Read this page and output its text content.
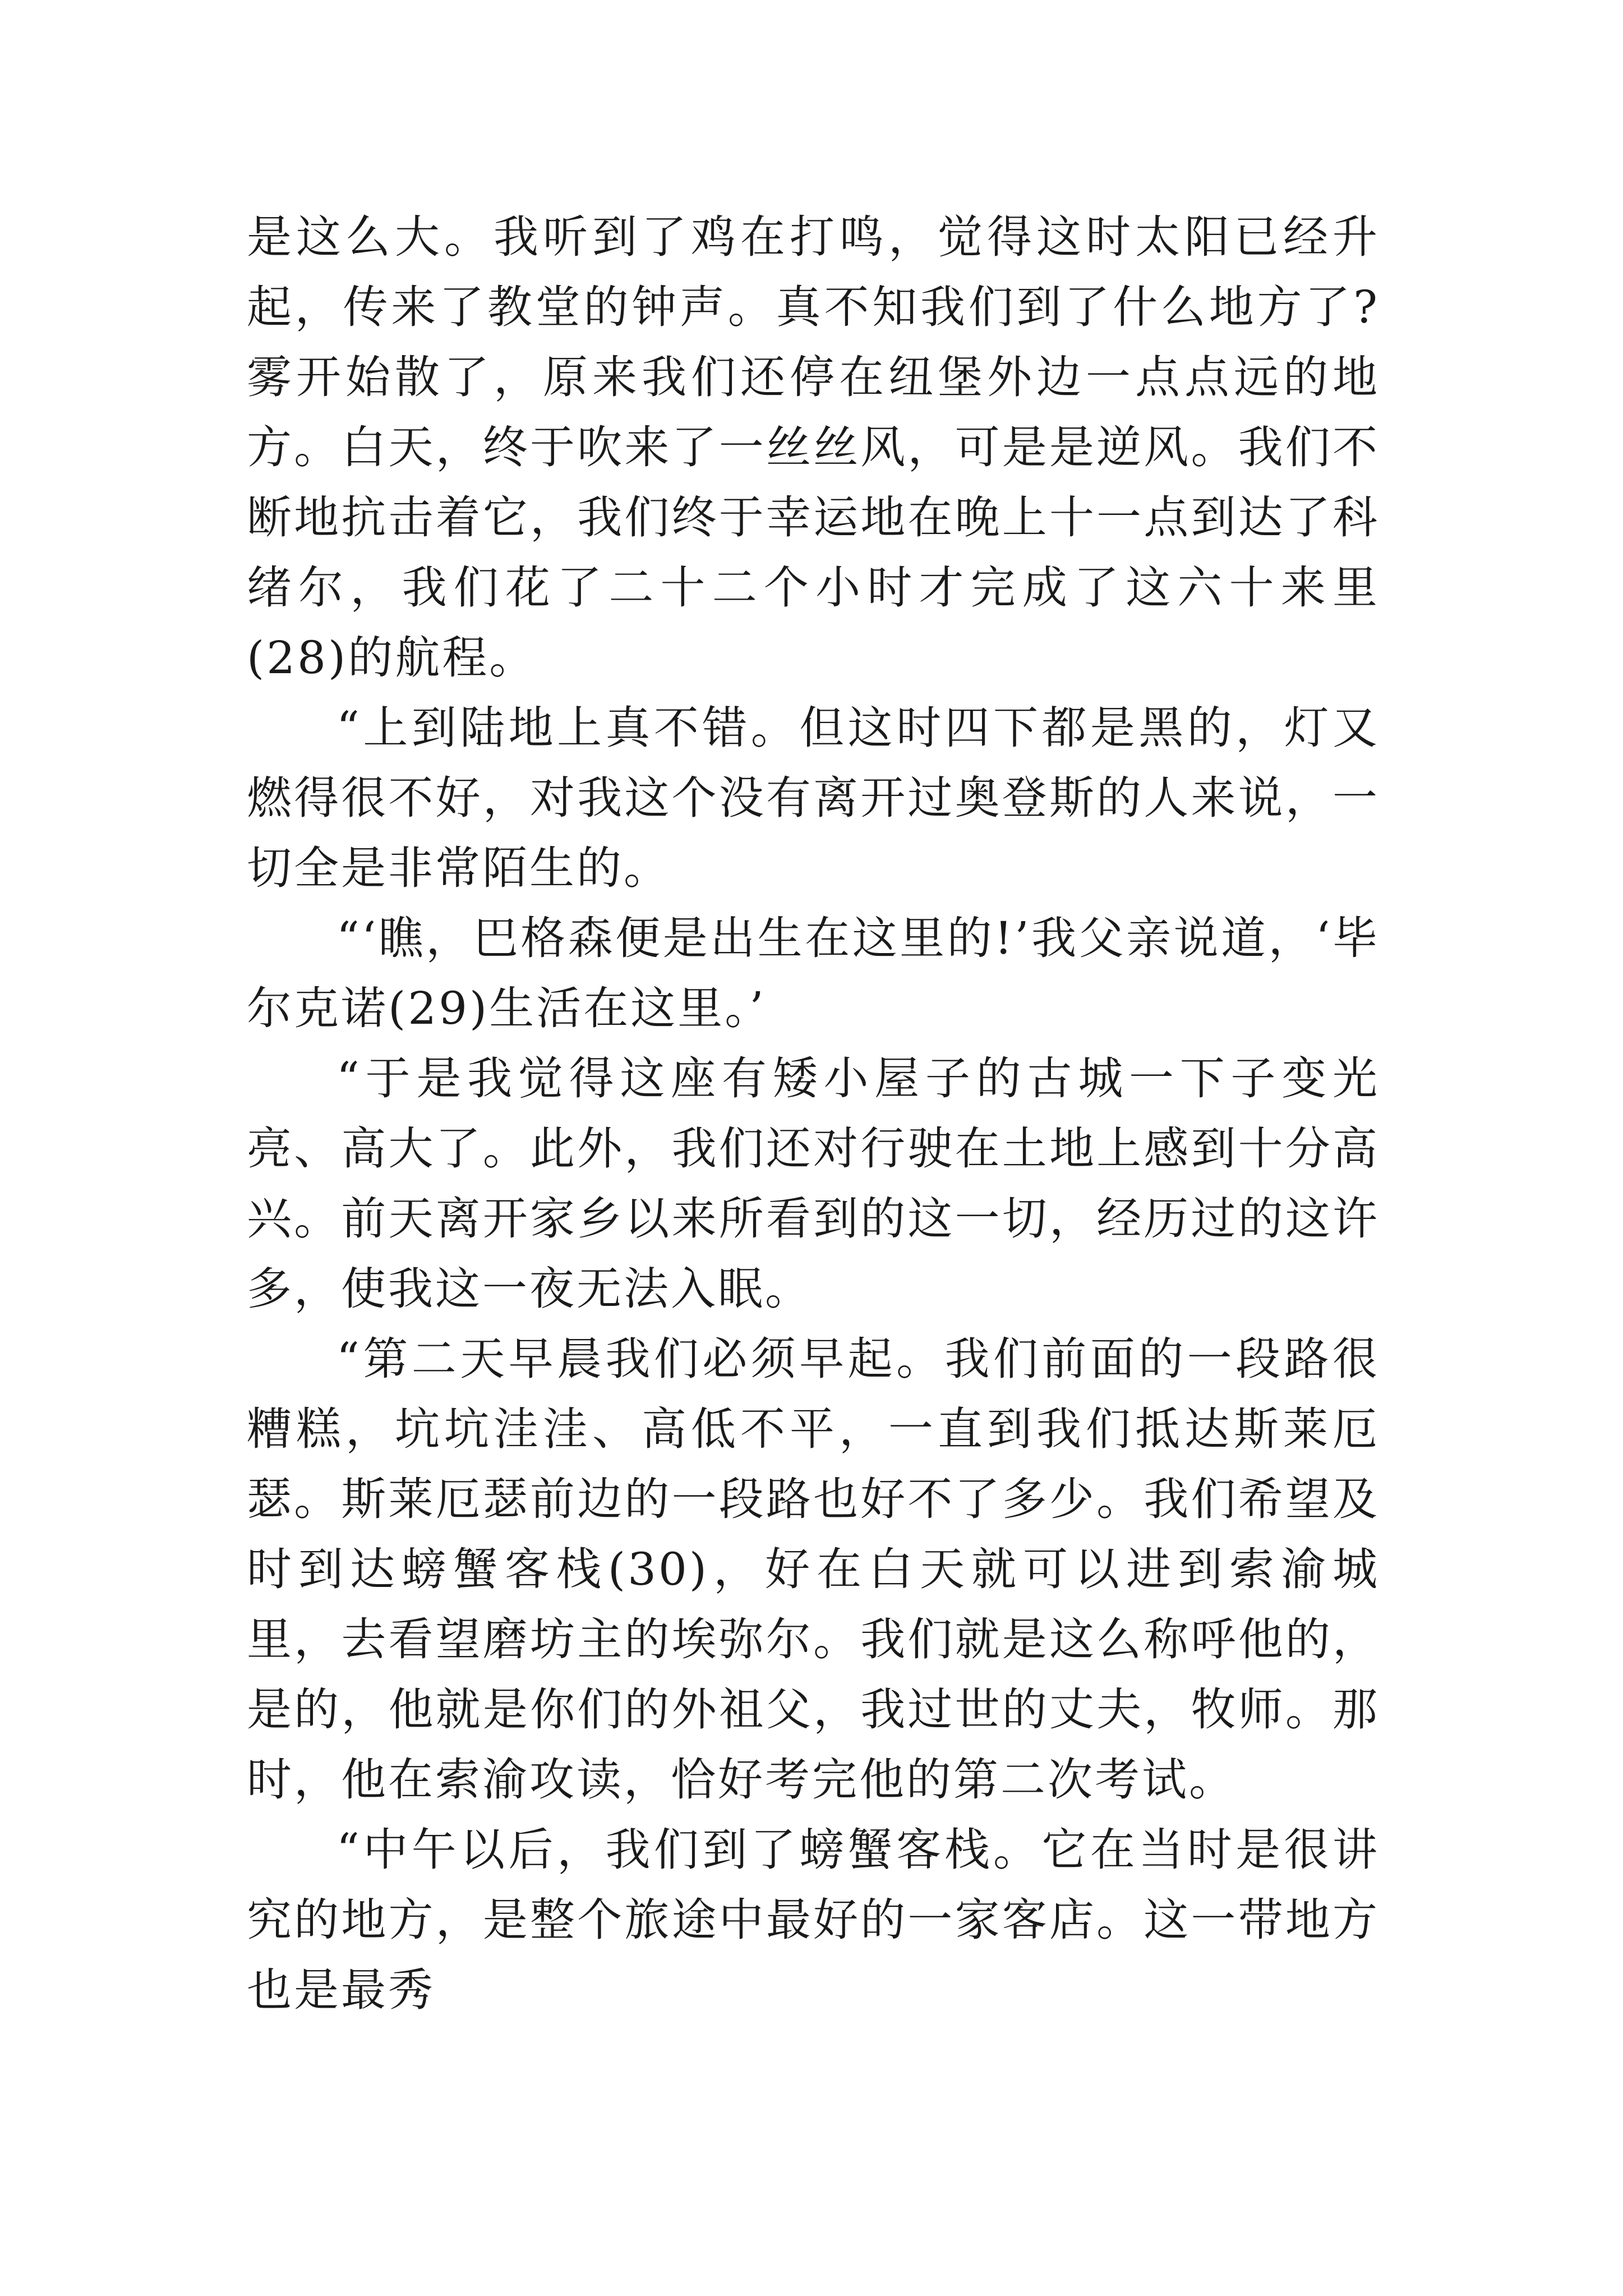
是这么大。我听到了鸡在打鸣，觉得这时太阳已经升起，传来了教堂的钟声。真不知我们到了什么地方了?雾开始散了，原来我们还停在纽堡外边一点点远的地方。白天，终于吹来了一丝丝风，可是是逆风。我们不断地抗击着它，我们终于幸运地在晚上十一点到达了科绪尔，我们花了二十二个小时才完成了这六十来里(28)的航程。

“上到陆地上真不错。但这时四下都是黑的，灯又燃得很不好，对我这个没有离开过奥登斯的人来说，一切全是非常陌生的。

“‘瞧，巴格森便是出生在这里的!’我父亲说道，‘毕尔克诺(29)生活在这里。’

“于是我觉得这座有矮小屋子的古城一下子变光亮、高大了。此外，我们还对行驶在土地上感到十分高兴。前天离开家乡以来所看到的这一切，经历过的这许多，使我这一夜无法入眠。

“第二天早晨我们必须早起。我们前面的一段路很糟糕，坑坑洼洼、高低不平，一直到我们抵达斯莱厄瑟。斯莱厄瑟前边的一段路也好不了多少。我们希望及时到达螃蟹客栈(30)，好在白天就可以进到索渝城里，去看望磨坊主的埃弥尔。我们就是这么称呼他的，是的，他就是你们的外祖父，我过世的丈夫，牧师。那时，他在索渝攻读，恰好考完他的第二次考试。

“中午以后，我们到了螃蟹客栈。它在当时是很讲究的地方，是整个旅途中最好的一家客店。这一带地方也是最秀
